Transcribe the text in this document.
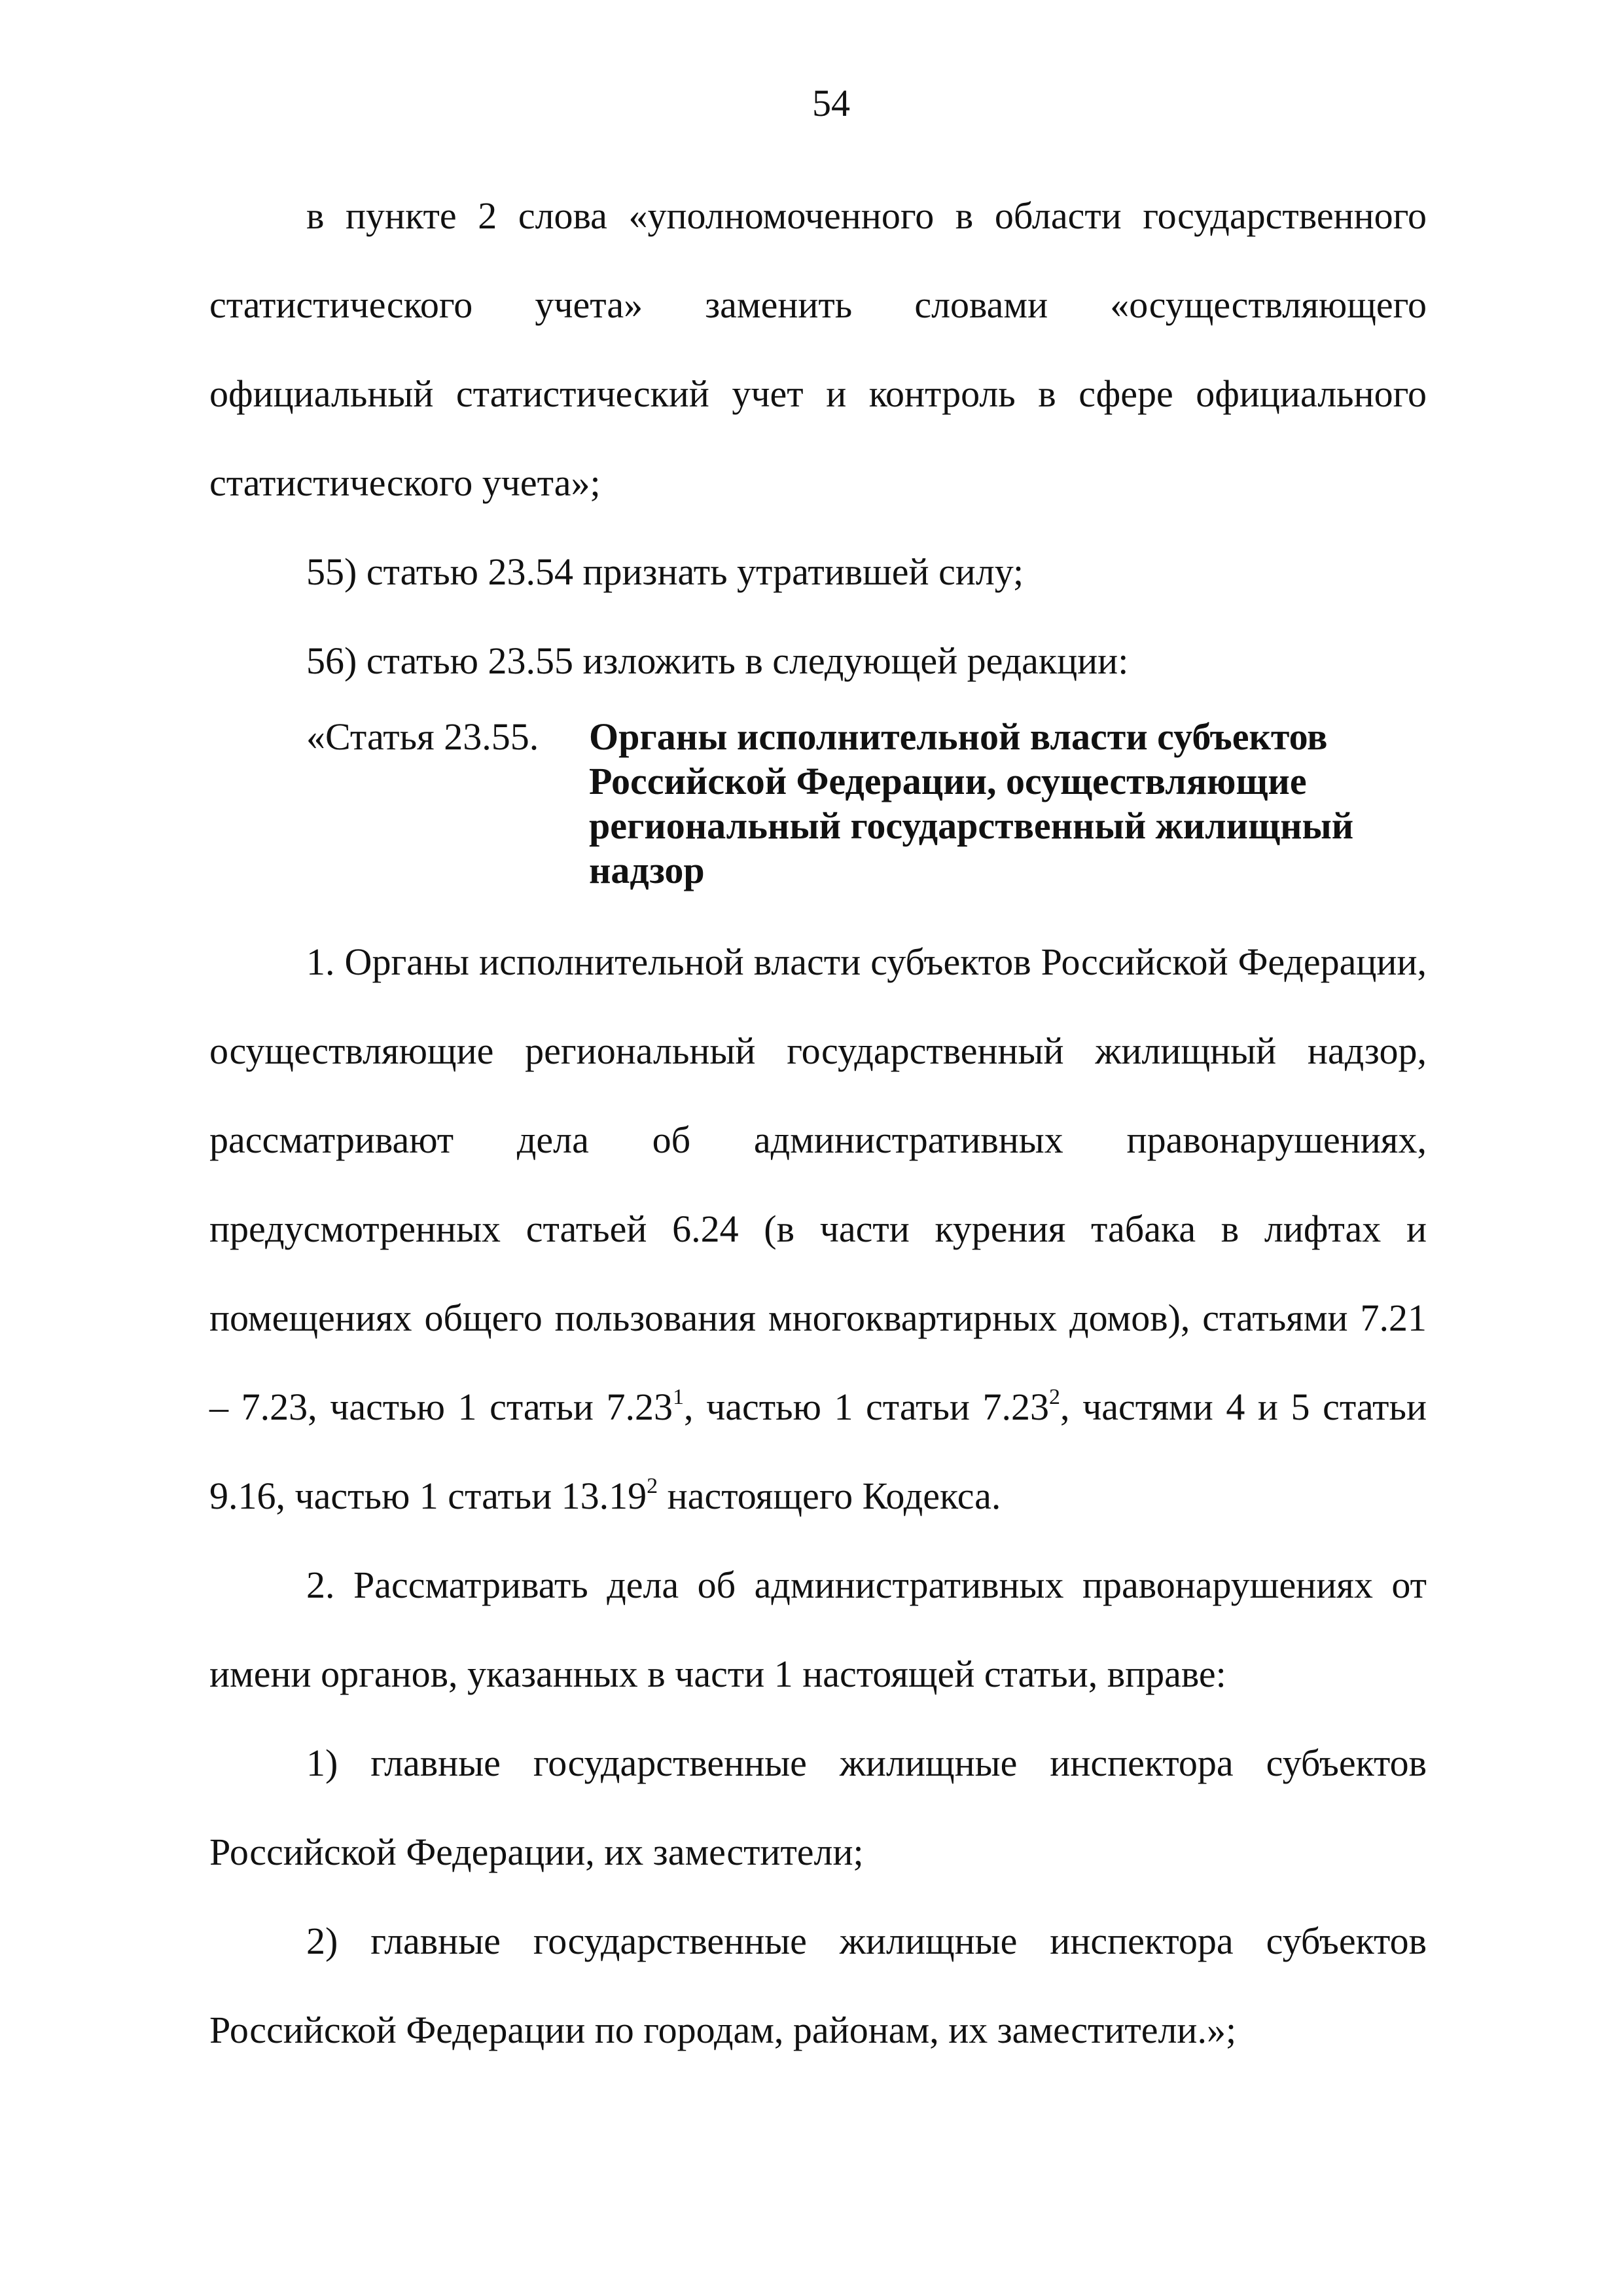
54

в пункте 2 слова «уполномоченного в области государственного статистического учета» заменить словами «осуществляющего официальный статистический учет и контроль в сфере официального статистического учета»;

55) статью 23.54 признать утратившей силу;

56) статью 23.55 изложить в следующей редакции:

«Статья 23.55.	Органы исполнительной власти субъектов Российской Федерации, осуществляющие региональный государственный жилищный надзор

1. Органы исполнительной власти субъектов Российской Федерации, осуществляющие региональный государственный жилищный надзор, рассматривают дела об административных правонарушениях, предусмотренных статьей 6.24 (в части курения табака в лифтах и помещениях общего пользования многоквартирных домов), статьями 7.21 – 7.23, частью 1 статьи 7.23$^1$, частью 1 статьи 7.23$^2$, частями 4 и 5 статьи 9.16, частью 1 статьи 13.19$^2$ настоящего Кодекса.

2. Рассматривать дела об административных правонарушениях от имени органов, указанных в части 1 настоящей статьи, вправе:

1) главные государственные жилищные инспектора субъектов Российской Федерации, их заместители;

2) главные государственные жилищные инспектора субъектов Российской Федерации по городам, районам, их заместители.»;
